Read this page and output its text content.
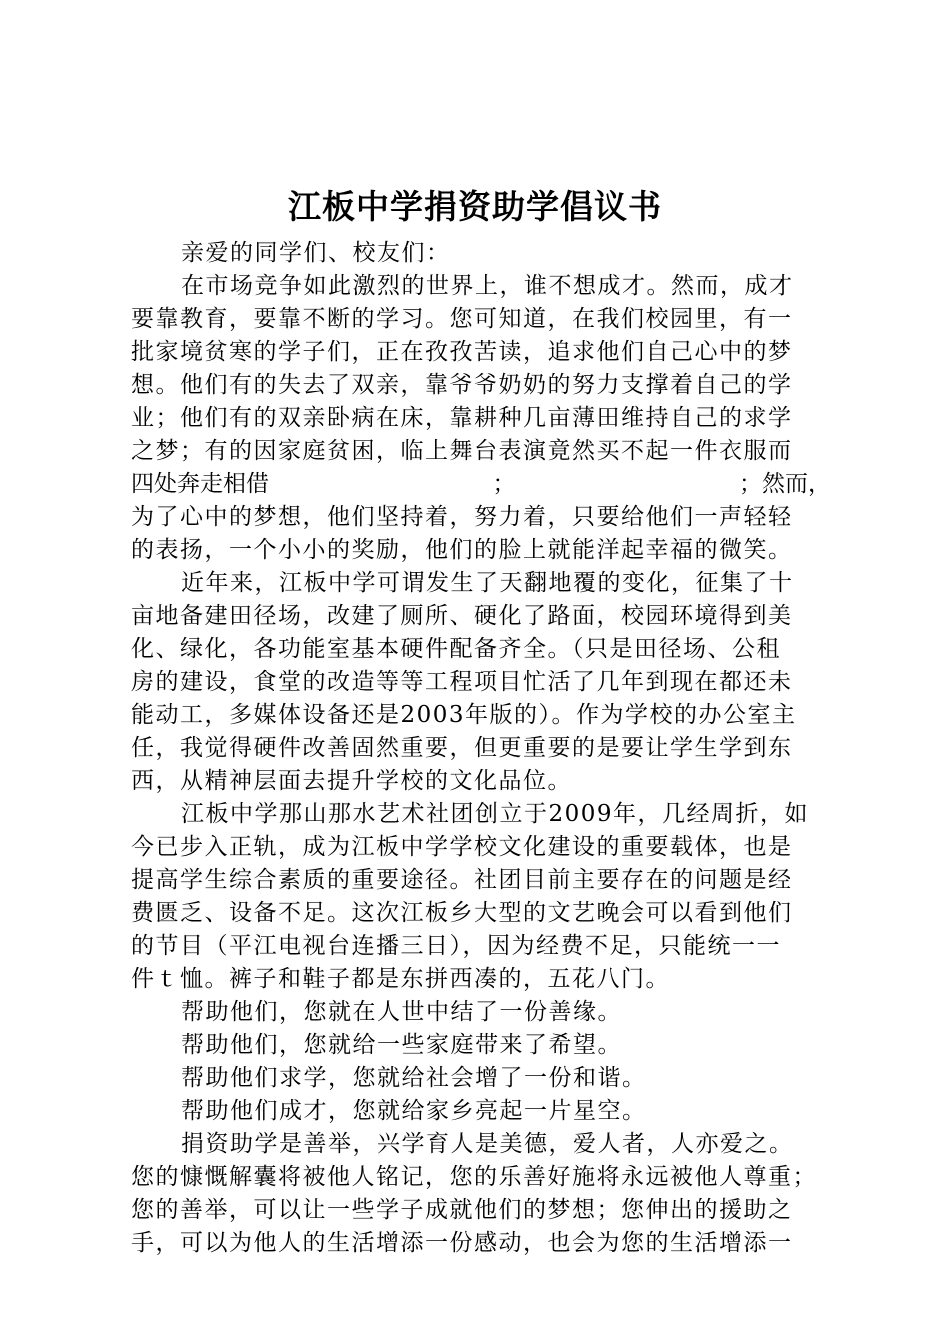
江板中学捐资助学倡议书
亲爱的同学们、校友们：
在市场竞争如此激烈的世界上，谁不想成才。然而，成才
要靠教育，要靠不断的学习。您可知道，在我们校园里，有一
批家境贫寒的学子们，正在孜孜苦读，追求他们自己心中的梦
想。他们有的失去了双亲，靠爷爷奶奶的努力支撑着自己的学
业；他们有的双亲卧病在床，靠耕种几亩薄田维持自己的求学
之梦；有的因家庭贫困，临上舞台表演竟然买不起一件衣服而
四处奔走相借	；	；然而，
为了心中的梦想，他们坚持着，努力着，只要给他们一声轻轻
的表扬，一个小小的奖励，他们的脸上就能洋起幸福的微笑。
近年来，江板中学可谓发生了天翻地覆的变化，征集了十
亩地备建田径场，改建了厕所、硬化了路面，校园环境得到美
化、绿化，各功能室基本硬件配备齐全。（只是田径场、公租
房的建设，食堂的改造等等工程项目忙活了几年到现在都还未
能动工，多媒体设备还是2003年版的）。作为学校的办公室主
任，我觉得硬件改善固然重要，但更重要的是要让学生学到东
西，从精神层面去提升学校的文化品位。
江板中学那山那水艺术社团创立于2009年，几经周折，如
今已步入正轨，成为江板中学学校文化建设的重要载体，也是
提高学生综合素质的重要途径。社团目前主要存在的问题是经
费匮乏、设备不足。这次江板乡大型的文艺晚会可以看到他们
的节目（平江电视台连播三日），因为经费不足，只能统一一
件ｔ恤。裤子和鞋子都是东拼西凑的，五花八门。
帮助他们，您就在人世中结了一份善缘。
帮助他们，您就给一些家庭带来了希望。
帮助他们求学，您就给社会增了一份和谐。
帮助他们成才，您就给家乡亮起一片星空。
捐资助学是善举，兴学育人是美德，爱人者，人亦爱之。
您的慷慨解囊将被他人铭记，您的乐善好施将永远被他人尊重；
您的善举，可以让一些学子成就他们的梦想；您伸出的援助之
手，可以为他人的生活增添一份感动，也会为您的生活增添一
